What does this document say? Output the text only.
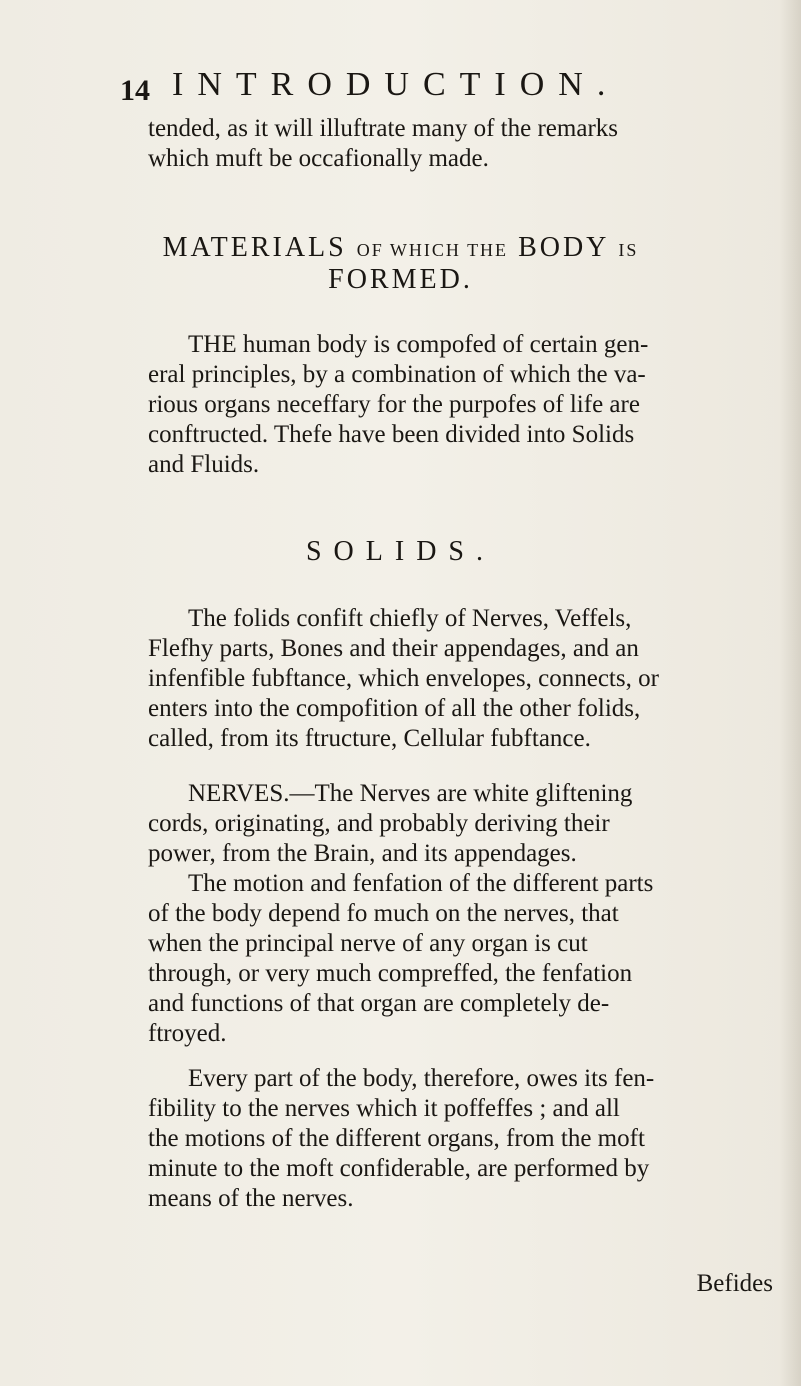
14 INTRODUCTION.
tended, as it will illuftrate many of the remarks
which muft be occafionally made.
MATERIALS OF WHICH THE BODY IS
FORMED.
THE human body is compofed of certain gen-
eral principles, by a combination of which the va-
rious organs neceffary for the purpofes of life are
conftructed. Thefe have been divided into Solids
and Fluids.
SOLIDS.
The folids confift chiefly of Nerves, Veffels,
Flefhy parts, Bones and their appendages, and an
infenfible fubftance, which envelopes, connects, or
enters into the compofition of all the other folids,
called, from its ftructure, Cellular fubftance.
NERVES.—The Nerves are white gliftening
cords, originating, and probably deriving their
power, from the Brain, and its appendages.
The motion and fenfation of the different parts
of the body depend fo much on the nerves, that
when the principal nerve of any organ is cut
through, or very much compreffed, the fenfation
and functions of that organ are completely de-
ftroyed.
Every part of the body, therefore, owes its fen-
fibility to the nerves which it poffeffes ; and all
the motions of the different organs, from the moft
minute to the moft confiderable, are performed by
means of the nerves.
Befides
